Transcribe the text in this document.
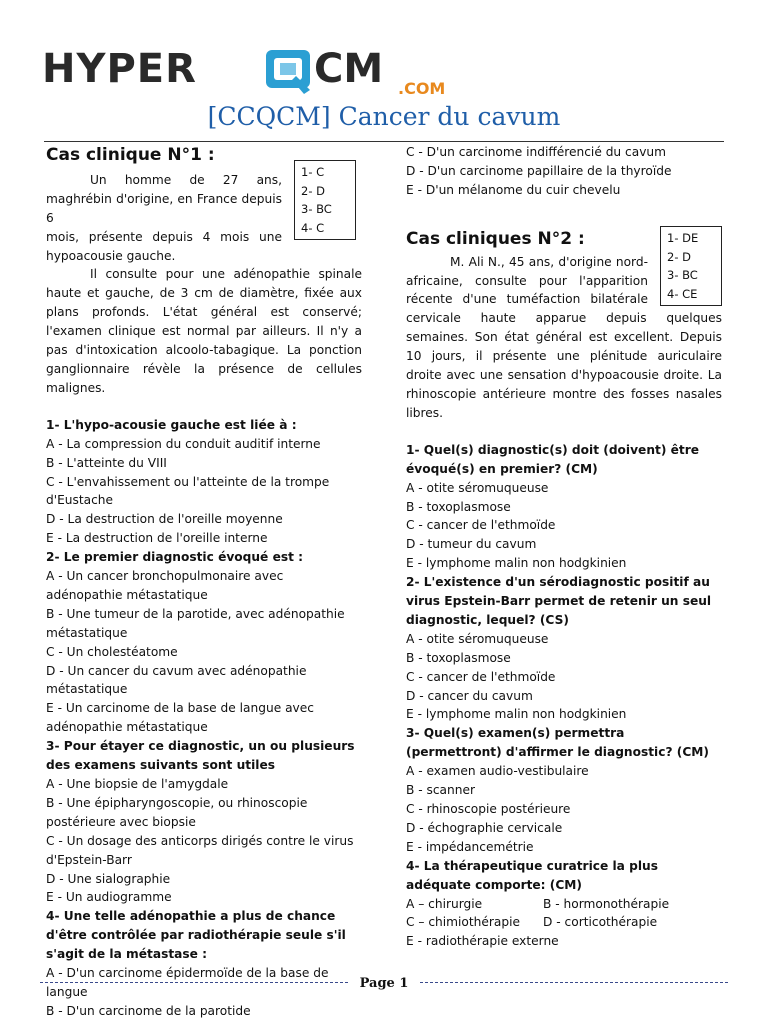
HYPER	CM .COM
[CCQCM] Cancer du cavum

Cas clinique N°1 :

Un homme de 27 ans,

maghrébin d'origine, en France depuis 6

mois, présente depuis 4 mois une

hypoacousie gauche.

Il consulte pour une adénopathie spinale haute et gauche, de 3 cm de diamètre, fixée aux plans profonds. L'état général est conservé; l'examen clinique est normal par ailleurs. Il n'y a pas d'intoxication alcoolo-tabagique. La ponction ganglionnaire révèle la présence de cellules malignes.

1- L'hypo-acousie gauche est liée à :

A - La compression du conduit auditif interne

B - L'atteinte du VIII

C - L'envahissement ou l'atteinte de la trompe d'Eustache

D - La destruction de l'oreille moyenne

E - La destruction de l'oreille interne

2- Le premier diagnostic évoqué est :

A - Un cancer bronchopulmonaire avec adénopathie métastatique

B - Une tumeur de la parotide, avec adénopathie métastatique

C - Un cholestéatome

D - Un cancer du cavum avec adénopathie métastatique

E - Un carcinome de la base de langue avec adénopathie métastatique

3- Pour étayer ce diagnostic, un ou plusieurs des examens suivants sont utiles

A - Une biopsie de l'amygdale

B - Une épipharyngoscopie, ou rhinoscopie postérieure avec biopsie

C - Un dosage des anticorps dirigés contre le virus d'Epstein-Barr

D - Une sialographie

E - Un audiogramme

4- Une telle adénopathie a plus de chance d'être contrôlée par radiothérapie seule s'il s'agit de la métastase :

A - D'un carcinome épidermoïde de la base de langue

B - D'un carcinome de la parotide

1- C
2- D
3- BC
4- C

C - D'un carcinome indifférencié du cavum

D - D'un carcinome papillaire de la thyroïde

E - D'un mélanome du cuir chevelu

Cas cliniques N°2 :

M. Ali N., 45 ans, d'origine nord-

africaine, consulte pour l'apparition

récente d'une tuméfaction bilatérale

cervicale haute apparue depuis quelques semaines. Son état général est excellent. Depuis 10 jours, il présente une plénitude auriculaire droite avec une sensation d'hypoacousie droite. La rhinoscopie antérieure montre des fosses nasales libres.

1- Quel(s) diagnostic(s) doit (doivent) être évoqué(s) en premier? (CM)

A - otite séromuqueuse

B - toxoplasmose

C - cancer de l'ethmoïde

D - tumeur du cavum

E - lymphome malin non hodgkinien

2- L'existence d'un sérodiagnostic positif au virus Epstein-Barr permet de retenir un seul diagnostic, lequel? (CS)

A - otite séromuqueuse

B - toxoplasmose

C - cancer de l'ethmoïde

D - cancer du cavum

E - lymphome malin non hodgkinien

3- Quel(s) examen(s) permettra (permettront) d'affirmer le diagnostic? (CM)

A - examen audio-vestibulaire

B - scanner

C - rhinoscopie postérieure

D - échographie cervicale

E - impédancemétrie

4- La thérapeutique curatrice la plus adéquate comporte: (CM)

A – chirurgie	B - hormonothérapie
C – chimiothérapie	D - corticothérapie

E - radiothérapie externe

1- DE
2- D
3- BC
4- CE
Page 1
